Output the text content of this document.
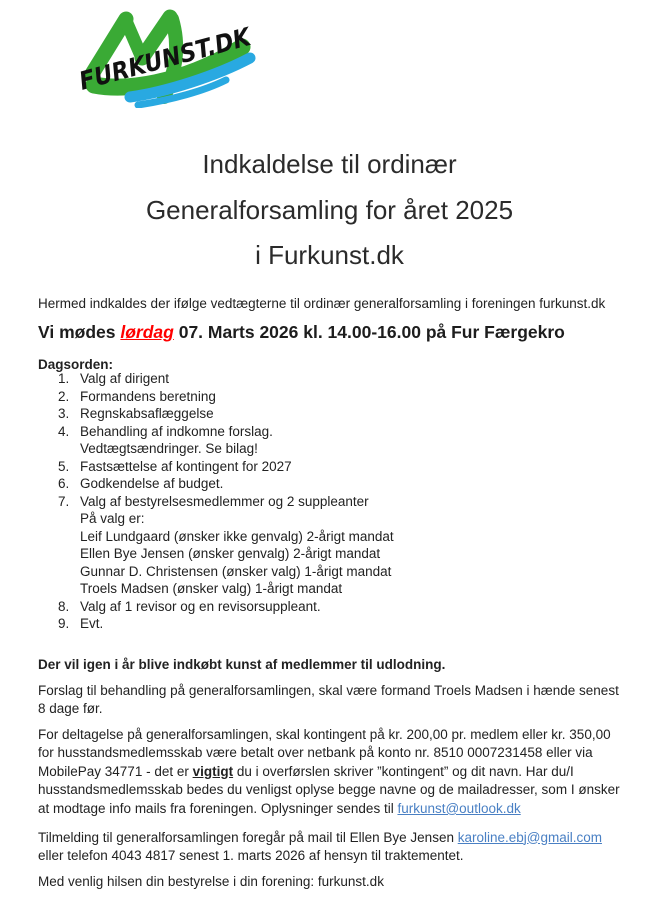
FURKUNST.DK
Indkaldelse til ordinær
Generalforsamling for året 2025
i Furkunst.dk

Hermed indkaldes der ifølge vedtægterne til ordinær generalforsamling i foreningen furkunst.dk

Vi mødes lørdag 07. Marts 2026 kl. 14.00-16.00 på Fur Færgekro

Dagsorden:

1. Valg af dirigent
2. Formandens beretning
3. Regnskabsaflæggelse
4. Behandling af indkomne forslag.
Vedtægtsændringer. Se bilag!
5. Fastsættelse af kontingent for 2027
6. Godkendelse af budget.
7. Valg af bestyrelsesmedlemmer og 2 suppleanter
På valg er:
Leif Lundgaard (ønsker ikke genvalg) 2-årigt mandat
Ellen Bye Jensen (ønsker genvalg) 2-årigt mandat
Gunnar D. Christensen (ønsker valg) 1-årigt mandat
Troels Madsen (ønsker valg) 1-årigt mandat
8. Valg af 1 revisor og en revisorsuppleant.
9. Evt.

Der vil igen i år blive indkøbt kunst af medlemmer til udlodning.

Forslag til behandling på generalforsamlingen, skal være formand Troels Madsen i hænde senest 8 dage før.

For deltagelse på generalforsamlingen, skal kontingent på kr. 200,00 pr. medlem eller kr. 350,00 for husstandsmedlemsskab være betalt over netbank på konto nr. 8510 0007231458 eller via MobilePay 34771 - det er vigtigt du i overførslen skriver ”kontingent” og dit navn. Har du/I husstandsmedlemsskab bedes du venligst oplyse begge navne og de mailadresser, som I ønsker at modtage info mails fra foreningen. Oplysninger sendes til furkunst@outlook.dk

Tilmelding til generalforsamlingen foregår på mail til Ellen Bye Jensen karoline.ebj@gmail.com eller telefon 4043 4817 senest 1. marts 2026 af hensyn til traktementet.

Med venlig hilsen din bestyrelse i din forening: furkunst.dk
